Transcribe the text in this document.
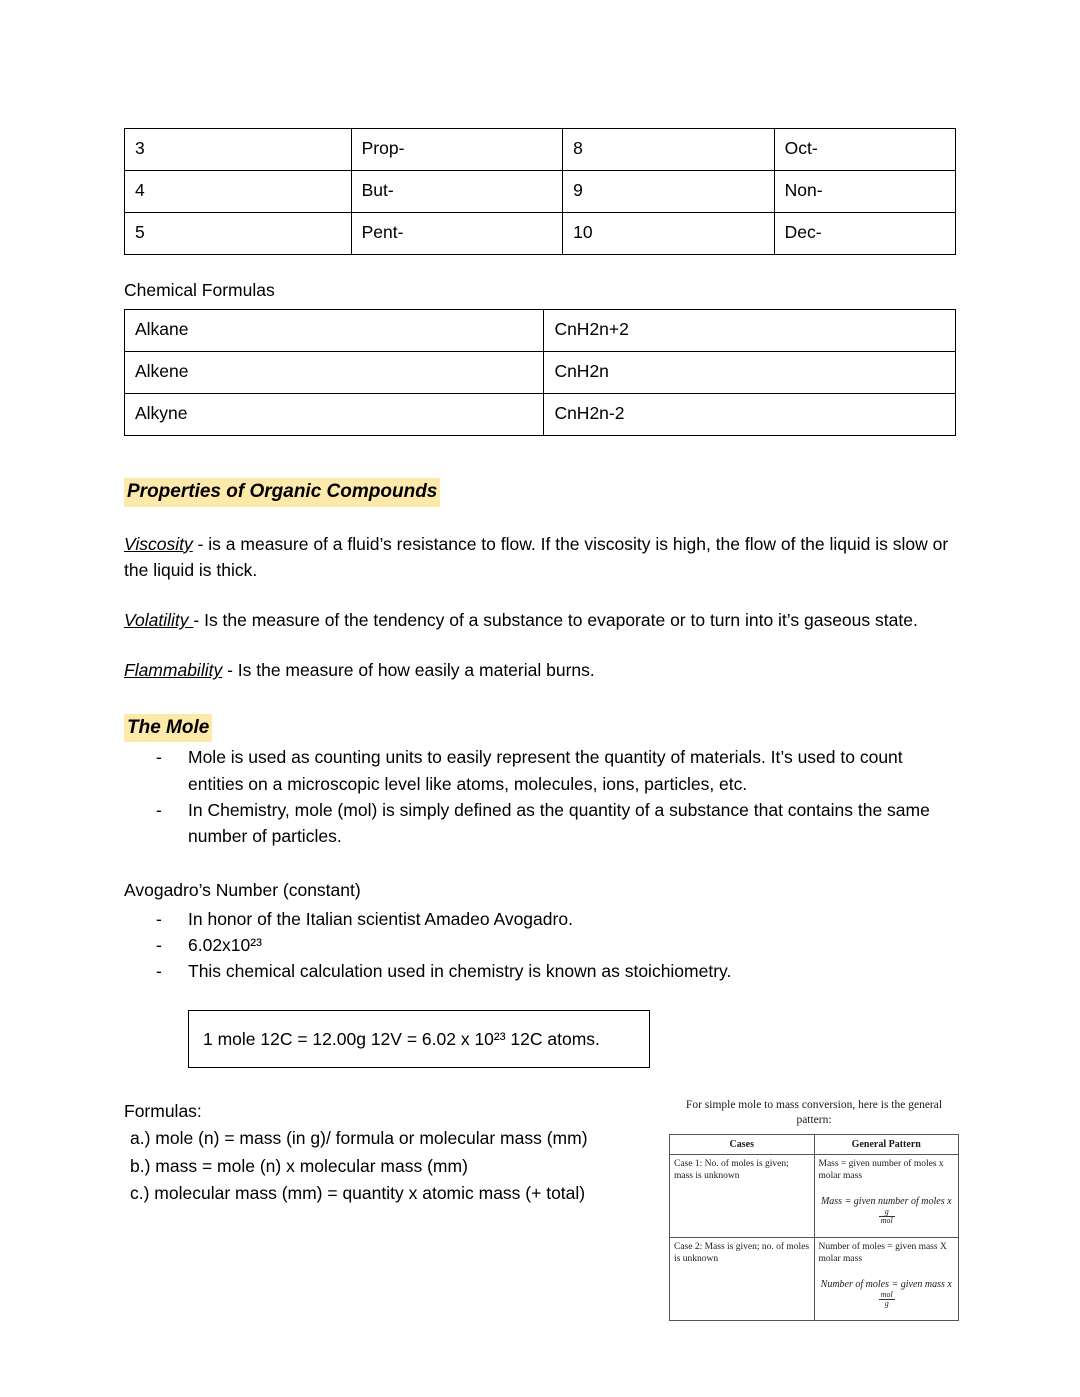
3	Prop-	8	Oct-
4	But-	9	Non-
5	Pent-	10	Dec-
Chemical Formulas
Alkane	CnH2n+2
Alkene	CnH2n
Alkyne	CnH2n-2
Properties of Organic Compounds

Viscosity - is a measure of a fluid’s resistance to flow. If the viscosity is high, the flow of the liquid is slow or the liquid is thick.

Volatility - Is the measure of the tendency of a substance to evaporate or to turn into it’s gaseous state.

Flammability - Is the measure of how easily a material burns.

The Mole
- Mole is used as counting units to easily represent the quantity of materials. It’s used to count entities on a microscopic level like atoms, molecules, ions, particles, etc.
- In Chemistry, mole (mol) is simply defined as the quantity of a substance that contains the same number of particles.
Avogadro’s Number (constant)
- In honor of the Italian scientist Amadeo Avogadro.
- 6.02x10²³
- This chemical calculation used in chemistry is known as stoichiometry.
1 mole 12C = 12.00g 12V = 6.02 x 10²³ 12C atoms.
Formulas:
a.) mole (n) = mass (in g)/ formula or molecular mass (mm)
b.) mass = mole (n) x molecular mass (mm)
c.) molecular mass (mm) = quantity x atomic mass (+ total)
For simple mole to mass conversion, here is the general pattern:
Cases	General Pattern
Case 1: No. of moles is given; mass is unknown	Mass = given number of moles x molar mass
Mass = given number of moles x
$\frac{g}{\text{mol}}$

Case 2: Mass is given; no. of moles is unknown	Number of moles = given mass X molar mass
Number of moles = given mass x
$\frac{\text{mol}}{g}$
